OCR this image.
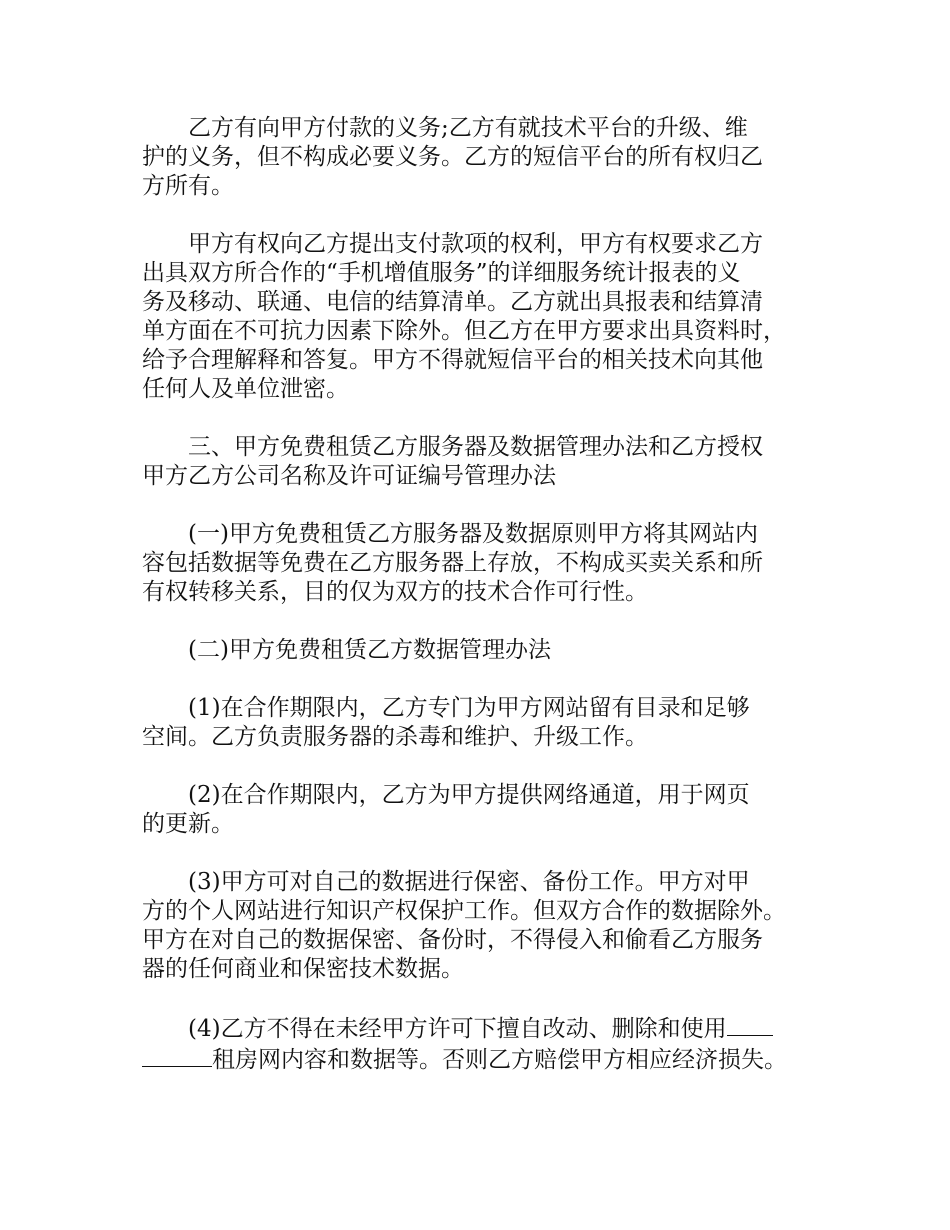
乙方有向甲方付款的义务;乙方有就技术平台的升级、维
护的义务，但不构成必要义务。乙方的短信平台的所有权归乙
方所有。

甲方有权向乙方提出支付款项的权利，甲方有权要求乙方
出具双方所合作的“手机增值服务”的详细服务统计报表的义
务及移动、联通、电信的结算清单。乙方就出具报表和结算清
单方面在不可抗力因素下除外。但乙方在甲方要求出具资料时，
给予合理解释和答复。甲方不得就短信平台的相关技术向其他
任何人及单位泄密。

三、甲方免费租赁乙方服务器及数据管理办法和乙方授权
甲方乙方公司名称及许可证编号管理办法

(一)甲方免费租赁乙方服务器及数据原则甲方将其网站内
容包括数据等免费在乙方服务器上存放，不构成买卖关系和所
有权转移关系，目的仅为双方的技术合作可行性。

(二)甲方免费租赁乙方数据管理办法

(1)在合作期限内，乙方专门为甲方网站留有目录和足够
空间。乙方负责服务器的杀毒和维护、升级工作。

(2)在合作期限内，乙方为甲方提供网络通道，用于网页
的更新。

(3)甲方可对自己的数据进行保密、备份工作。甲方对甲
方的个人网站进行知识产权保护工作。但双方合作的数据除外。
甲方在对自己的数据保密、备份时，不得侵入和偷看乙方服务
器的任何商业和保密技术数据。

(4)乙方不得在未经甲方许可下擅自改动、删除和使用
租房网内容和数据等。否则乙方赔偿甲方相应经济损失。
